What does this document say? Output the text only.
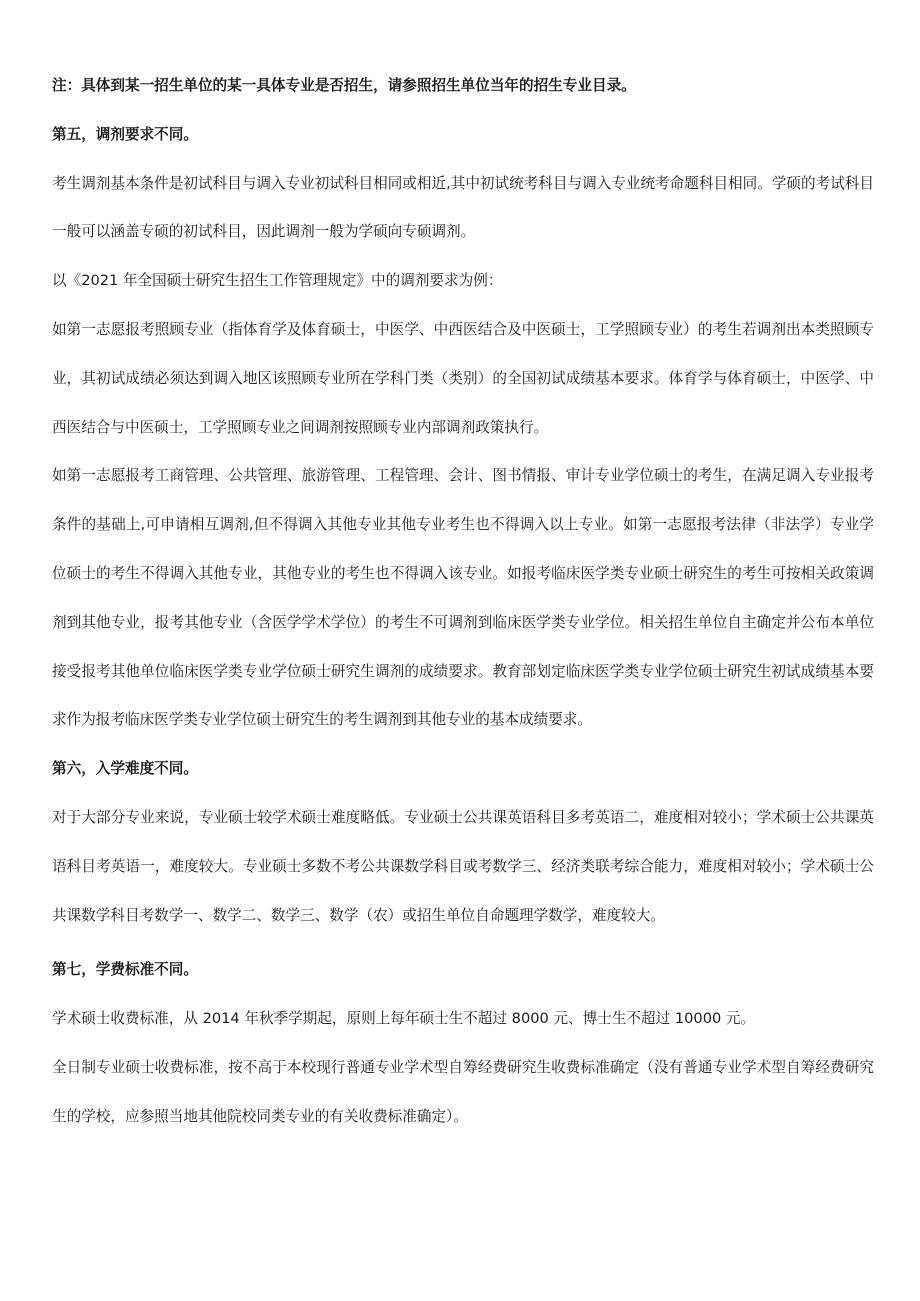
注：具体到某一招生单位的某一具体专业是否招生，请参照招生单位当年的招生专业目录。

第五，调剂要求不同。

考生调剂基本条件是初试科目与调入专业初试科目相同或相近,其中初试统考科目与调入专业统考命题科目相同。学硕的考试科目一般可以涵盖专硕的初试科目，因此调剂一般为学硕向专硕调剂。

以《2021 年全国硕士研究生招生工作管理规定》中的调剂要求为例：

如第一志愿报考照顾专业（指体育学及体育硕士，中医学、中西医结合及中医硕士，工学照顾专业）的考生若调剂出本类照顾专业，其初试成绩必须达到调入地区该照顾专业所在学科门类（类别）的全国初试成绩基本要求。体育学与体育硕士，中医学、中西医结合与中医硕士，工学照顾专业之间调剂按照顾专业内部调剂政策执行。

如第一志愿报考工商管理、公共管理、旅游管理、工程管理、会计、图书情报、审计专业学位硕士的考生，在满足调入专业报考条件的基础上,可申请相互调剂,但不得调入其他专业其他专业考生也不得调入以上专业。如第一志愿报考法律（非法学）专业学位硕士的考生不得调入其他专业，其他专业的考生也不得调入该专业。如报考临床医学类专业硕士研究生的考生可按相关政策调剂到其他专业，报考其他专业（含医学学术学位）的考生不可调剂到临床医学类专业学位。相关招生单位自主确定并公布本单位接受报考其他单位临床医学类专业学位硕士研究生调剂的成绩要求。教育部划定临床医学类专业学位硕士研究生初试成绩基本要求作为报考临床医学类专业学位硕士研究生的考生调剂到其他专业的基本成绩要求。

第六，入学难度不同。

对于大部分专业来说，专业硕士较学术硕士难度略低。专业硕士公共课英语科目多考英语二，难度相对较小；学术硕士公共课英语科目考英语一，难度较大。专业硕士多数不考公共课数学科目或考数学三、经济类联考综合能力，难度相对较小；学术硕士公共课数学科目考数学一、数学二、数学三、数学（农）或招生单位自命题理学数学，难度较大。

第七，学费标准不同。

学术硕士收费标准，从 2014 年秋季学期起，原则上每年硕士生不超过 8000 元、博士生不超过 10000 元。

全日制专业硕士收费标准，按不高于本校现行普通专业学术型自筹经费研究生收费标准确定（没有普通专业学术型自筹经费研究生的学校，应参照当地其他院校同类专业的有关收费标准确定）。
